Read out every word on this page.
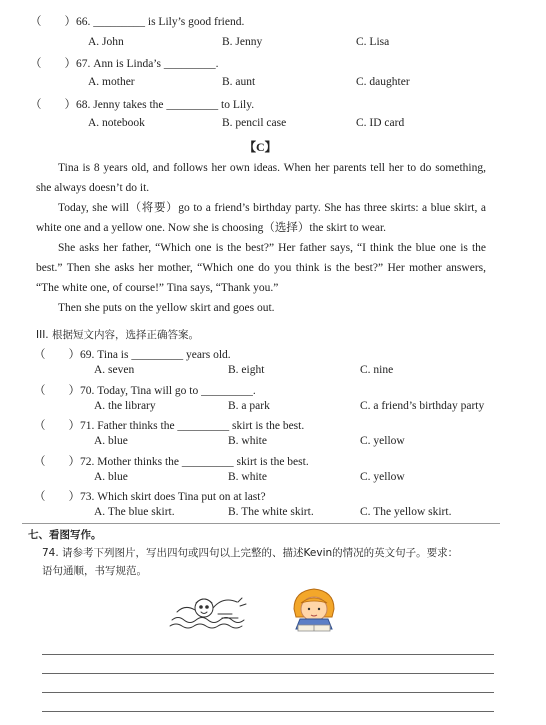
（　　）66. _________ is Lily’s good friend.
A. John	B. Jenny	C. Lisa
（　　）67. Ann is Linda’s _________.
A. mother	B. aunt	C. daughter
（　　）68. Jenny takes the _________ to Lily.
A. notebook	B. pencil case	C. ID card
【C】
Tina is 8 years old, and follows her own ideas. When her parents tell her to do something, she always doesn’t do it.
Today, she will（将要）go to a friend’s birthday party. She has three skirts: a blue skirt, a white one and a yellow one. Now she is choosing（选择）the skirt to wear.
She asks her father, “Which one is the best?” Her father says, “I think the blue one is the best.” Then she asks her mother, “Which one do you think is the best?” Her mother answers, “The white one, of course!” Tina says, “Thank you.”
Then she puts on the yellow skirt and goes out.
III. 根据短文内容，选择正确答案。
（　　）69. Tina is _________ years old.
A. seven	B. eight	C. nine
（　　）70. Today, Tina will go to _________.
A. the library	B. a park	C. a friend’s birthday party
（　　）71. Father thinks the _________ skirt is the best.
A. blue	B. white	C. yellow
（　　）72. Mother thinks the _________ skirt is the best.
A. blue	B. white	C. yellow
（　　）73. Which skirt does Tina put on at last?
A. The blue skirt.	B. The white skirt.	C. The yellow skirt.
七、看图写作。
74. 请参考下列图片，写出四句或四句以上完整的、描述Kevin的情况的英文句子。要求：
语句通顺，书写规范。
